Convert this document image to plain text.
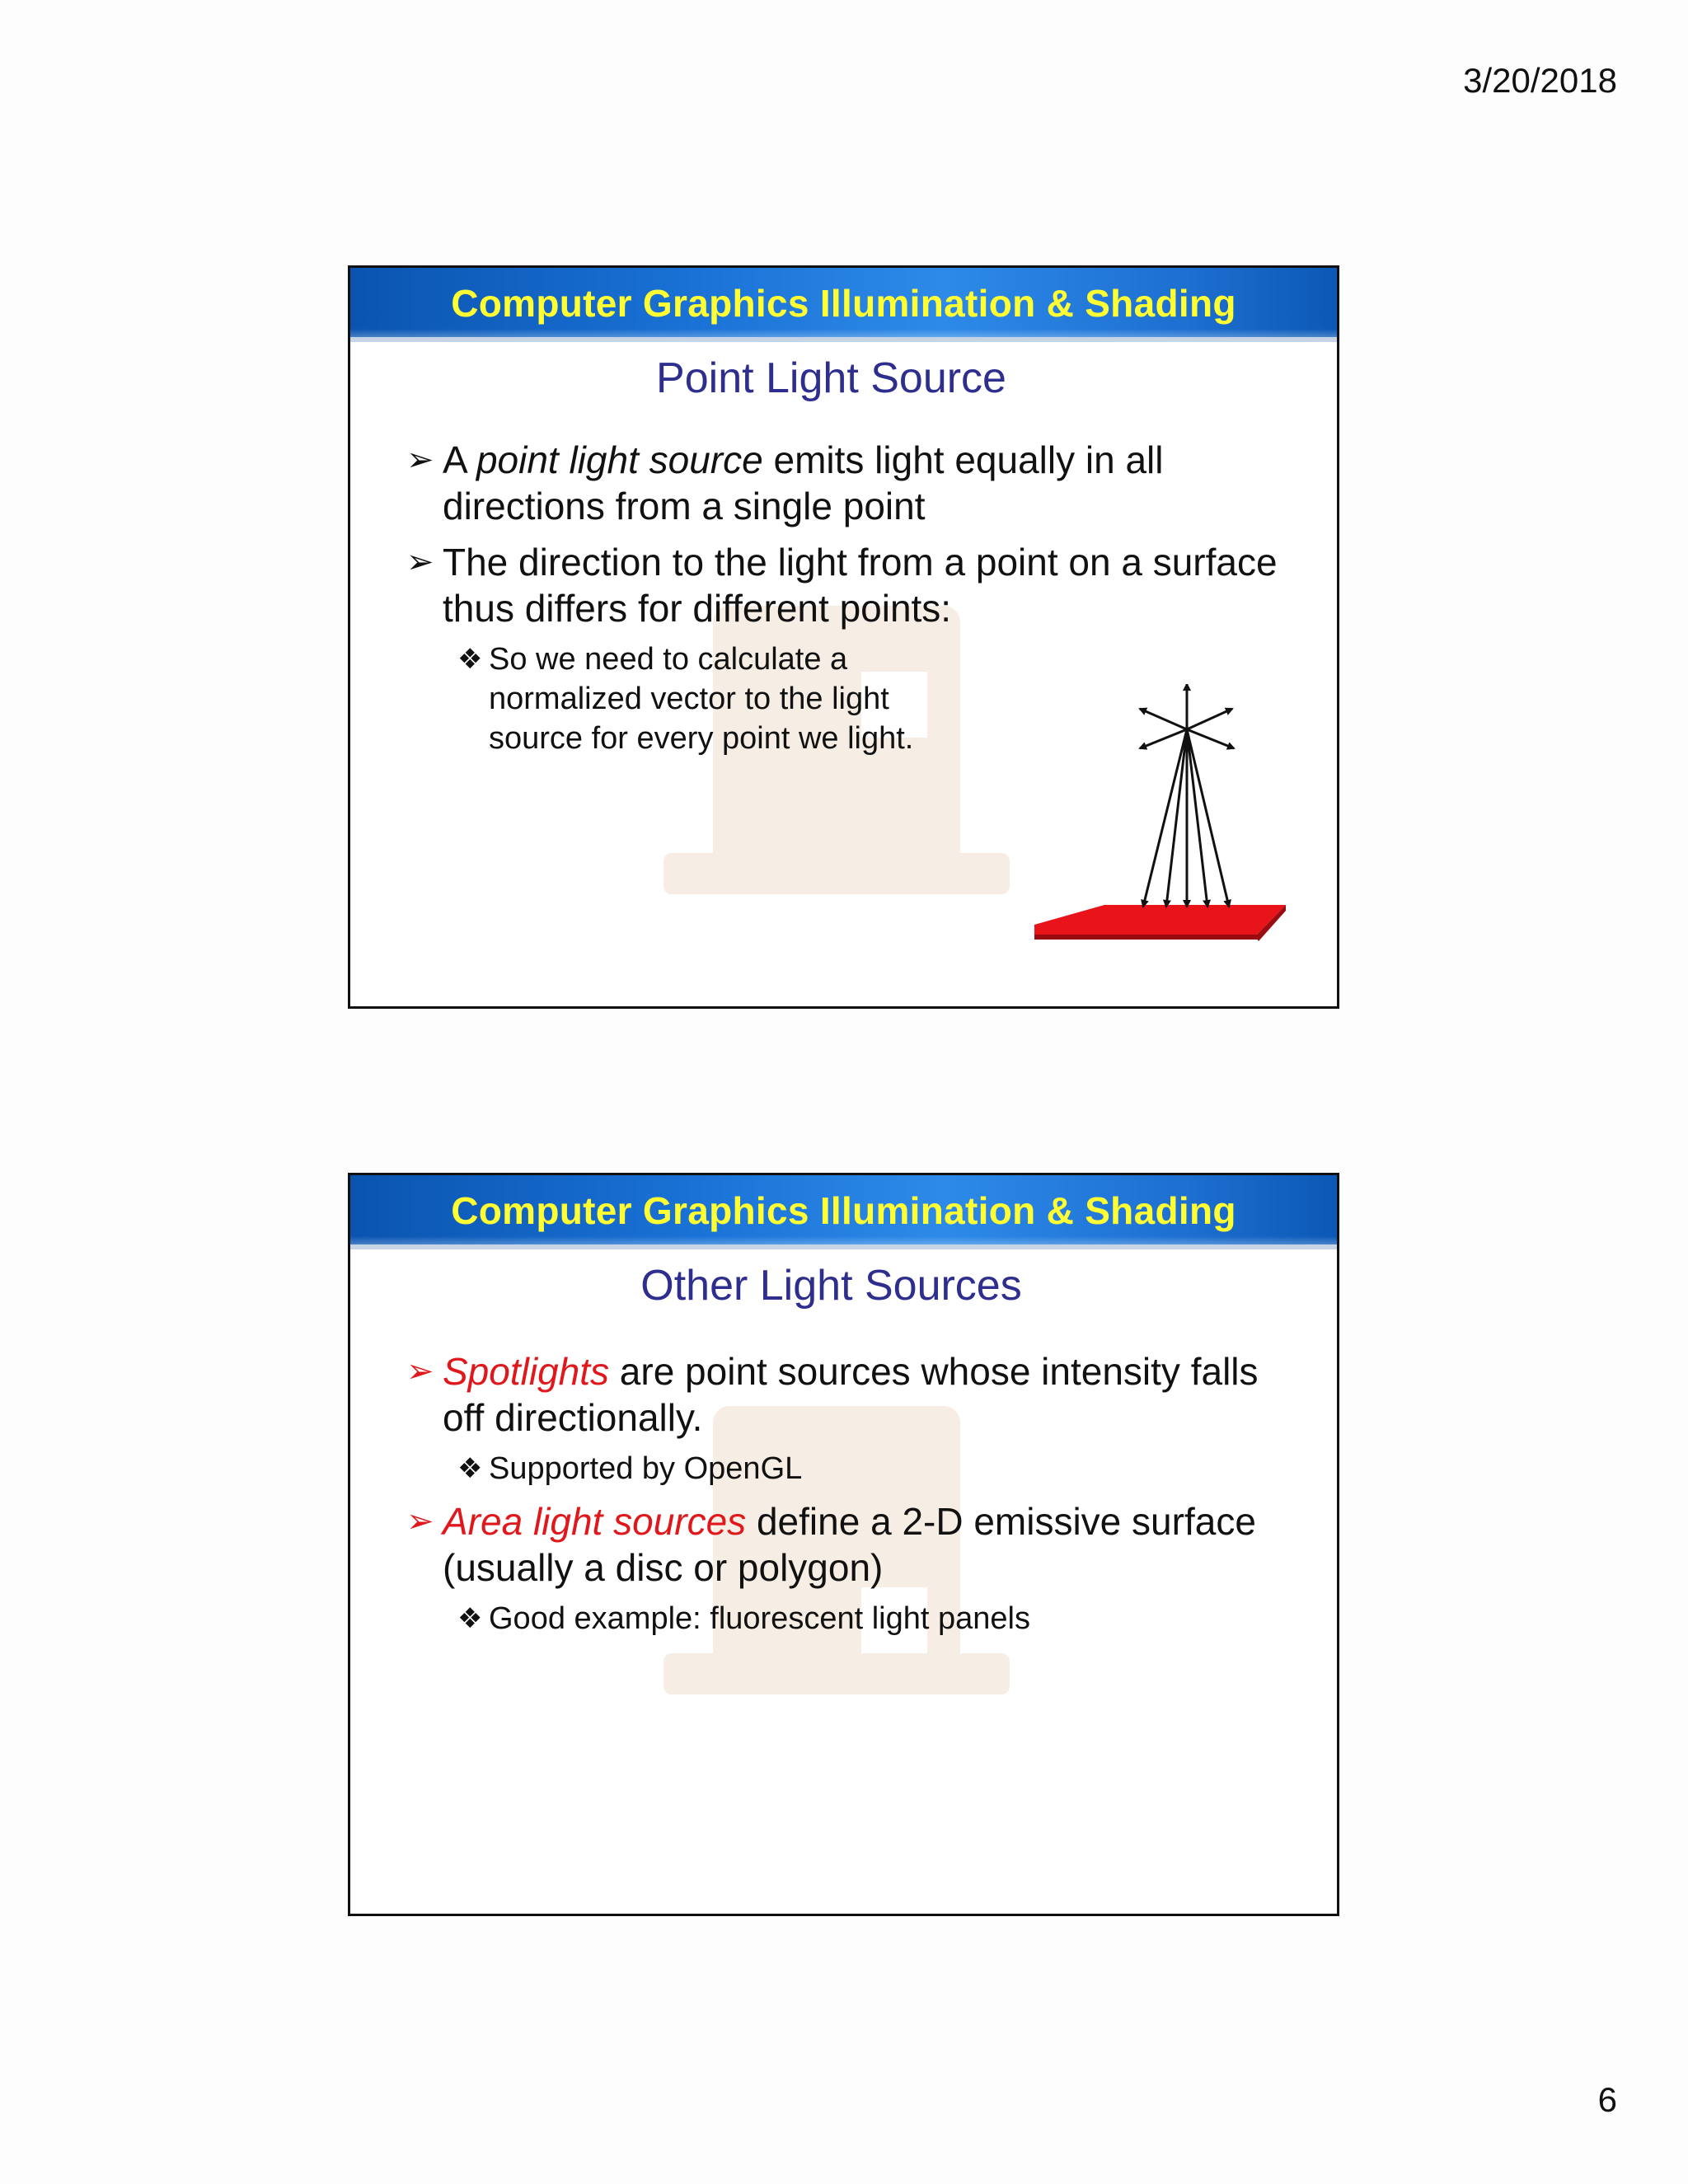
3/20/2018
Computer Graphics Illumination & Shading
Point Light Source
➢ A point light source emits light equally in all directions from a single point
➢ The direction to the light from a point on a surface thus differs for different points:
❖ So we need to calculate a normalized vector to the light source for every point we light.
Computer Graphics Illumination & Shading
Other Light Sources
➢ Spotlights are point sources whose intensity falls off directionally.
❖ Supported by OpenGL
➢ Area light sources define a 2-D emissive surface (usually a disc or polygon)
❖ Good example: fluorescent light panels
6
